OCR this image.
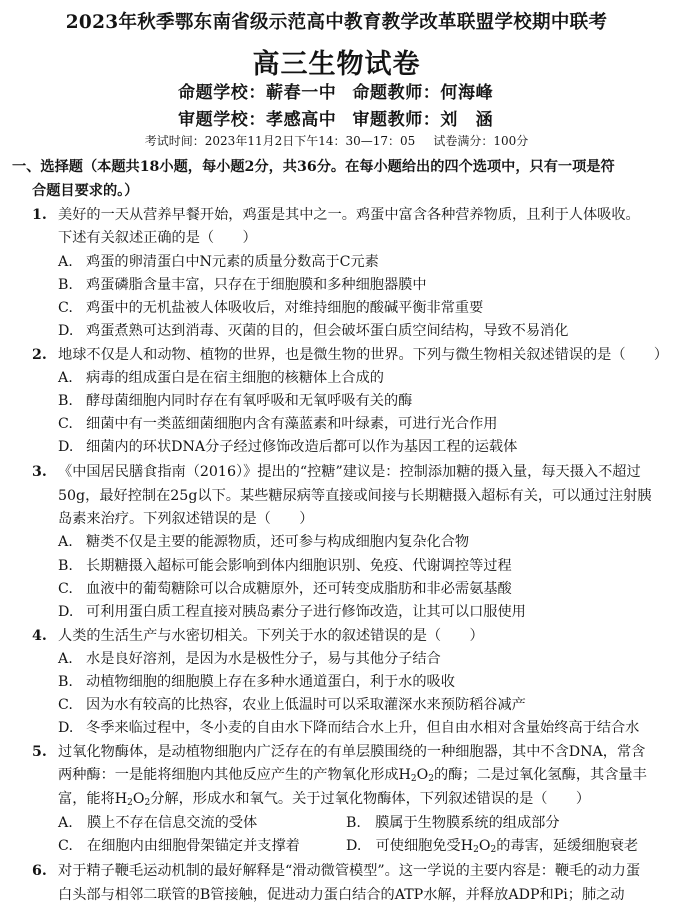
2023年秋季鄂东南省级示范高中教育教学改革联盟学校期中联考
高三生物试卷
命题学校：蕲春一中 命题教师：何海峰
审题学校：孝感高中 审题教师：刘　涵
考试时间：2023年11月2日下午14：30—17：05 试卷满分：100分
一、选择题（本题共18小题，每小题2分，共36分。在每小题给出的四个选项中，只有一项是符
合题目要求的。）
1. 美好的一天从营养早餐开始，鸡蛋是其中之一。鸡蛋中富含各种营养物质，且利于人体吸收。
下述有关叙述正确的是（　　）
A. 鸡蛋的卵清蛋白中N元素的质量分数高于C元素
B. 鸡蛋磷脂含量丰富，只存在于细胞膜和多种细胞器膜中
C. 鸡蛋中的无机盐被人体吸收后，对维持细胞的酸碱平衡非常重要
D. 鸡蛋煮熟可达到消毒、灭菌的目的，但会破坏蛋白质空间结构，导致不易消化
2. 地球不仅是人和动物、植物的世界，也是微生物的世界。下列与微生物相关叙述错误的是（　　）
A. 病毒的组成蛋白是在宿主细胞的核糖体上合成的
B. 酵母菌细胞内同时存在有氧呼吸和无氧呼吸有关的酶
C. 细菌中有一类蓝细菌细胞内含有藻蓝素和叶绿素，可进行光合作用
D. 细菌内的环状DNA分子经过修饰改造后都可以作为基因工程的运载体
3. 《中国居民膳食指南（2016）》提出的“控糖”建议是：控制添加糖的摄入量，每天摄入不超过
50g，最好控制在25g以下。某些糖尿病等直接或间接与长期糖摄入超标有关，可以通过注射胰
岛素来治疗。下列叙述错误的是（　　）
A. 糖类不仅是主要的能源物质，还可参与构成细胞内复杂化合物
B. 长期糖摄入超标可能会影响到体内细胞识别、免疫、代谢调控等过程
C. 血液中的葡萄糖除可以合成糖原外，还可转变成脂肪和非必需氨基酸
D. 可利用蛋白质工程直接对胰岛素分子进行修饰改造，让其可以口服使用
4. 人类的生活生产与水密切相关。下列关于水的叙述错误的是（　　）
A. 水是良好溶剂，是因为水是极性分子，易与其他分子结合
B. 动植物细胞的细胞膜上存在多种水通道蛋白，利于水的吸收
C. 因为水有较高的比热容，农业上低温时可以采取灌深水来预防稻谷减产
D. 冬季来临过程中，冬小麦的自由水下降而结合水上升，但自由水相对含量始终高于结合水
5. 过氧化物酶体，是动植物细胞内广泛存在的有单层膜围绕的一种细胞器，其中不含DNA，常含
两种酶：一是能将细胞内其他反应产生的产物氧化形成$H_2O_2$的酶；二是过氧化氢酶，其含量丰
富，能将$H_2O_2$分解，形成水和氧气。关于过氧化物酶体，下列叙述错误的是（　　）
A.　膜上不存在信息交流的受体	B.　膜属于生物膜系统的组成部分
C.　在细胞内由细胞骨架锚定并支撑着	D.　可使细胞免受$H_2O_2$的毒害，延缓细胞衰老
6. 对于精子鞭毛运动机制的最好解释是“滑动微管模型”。这一学说的主要内容是：鞭毛的动力蛋
白头部与相邻二联管的B管接触，促进动力蛋白结合的ATP水解，并释放ADP和Pi；肺之动
